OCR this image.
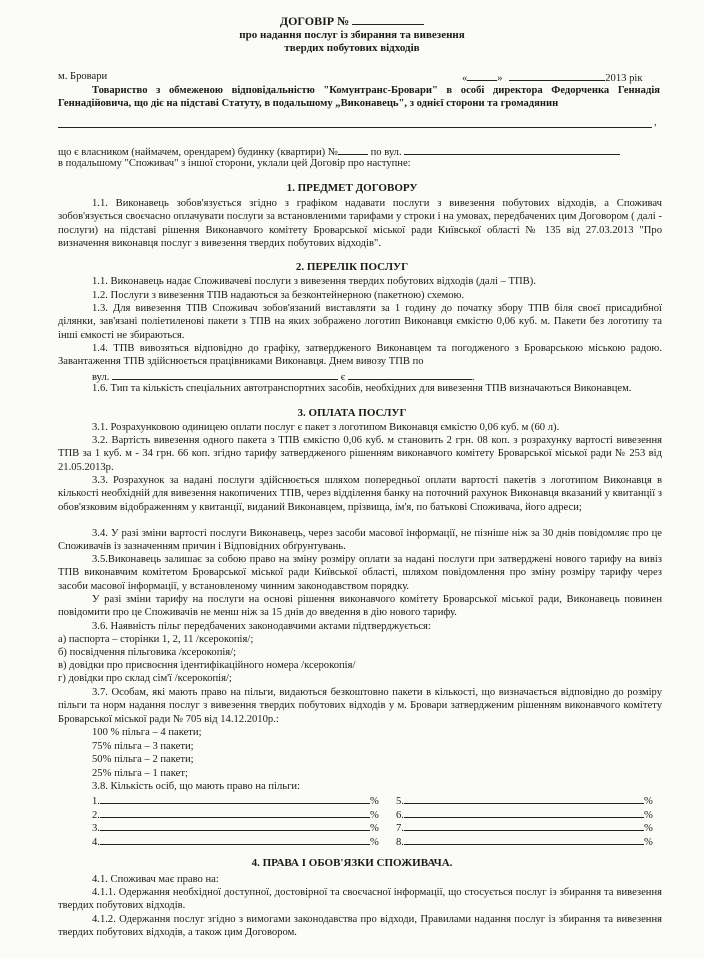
ДОГОВІР №
про надання послуг із збирання та вивезення
твердих побутових відходів
м. Бровари	«	»	2013 рік
Товариство з обмеженою відповідальністю "Комунтранс-Бровари" в особі директора Федорченка Геннадія Геннадійовича, що діє на підставі Статуту, в подальшому „Виконавець", з однієї сторони та громадянин
,
що є власником (наймачем, орендарем) будинку (квартири) №	по вул.
в подальшому "Споживач" з іншої сторони, уклали цей Договір про наступне:
1. ПРЕДМЕТ ДОГОВОРУ
1.1. Виконавець зобов'язується згідно з графіком надавати послуги з вивезення побутових відходів, а Споживач зобов'язується своєчасно оплачувати послуги за встановленими тарифами у строки і на умовах, передбачених цим Договором ( далі - послуги) на підставі рішення Виконавчого комітету Броварської міської ради Київської області № 135 від 27.03.2013 "Про визначення виконавця послуг з вивезення твердих побутових відходів".
2. ПЕРЕЛІК ПОСЛУГ
1.1. Виконавець надає Споживачеві послуги з вивезення твердих побутових відходів (далі – ТПВ).
1.2. Послуги з вивезення ТПВ надаються за безконтейнерною (пакетною) схемою.
1.3. Для вивезення ТПВ Споживач зобов'язаний виставляти за 1 годину до початку збору ТПВ біля своєї присадибної ділянки, зав'язані поліетиленові пакети з ТПВ на яких зображено логотип Виконавця ємкістю 0,06 куб. м. Пакети без логотипу та інші ємкості не збираються.
1.4. ТПВ вивозяться відповідно до графіку, затвердженого Виконавцем та погодженого з Броварською міською радою. Завантаження ТПВ здійснюється працівниками Виконавця. Днем вивозу ТПВ по
вул.	є	.
1.6. Тип та кількість спеціальних автотранспортних засобів, необхідних для вивезення ТПВ визначаються Виконавцем.
3. ОПЛАТА ПОСЛУГ
3.1. Розрахунковою одиницею оплати послуг є пакет з логотипом Виконавця ємкістю 0,06 куб. м (60 л).
3.2. Вартість вивезення одного пакета з ТПВ ємкістю 0,06 куб. м становить 2 грн. 08 коп. з розрахунку вартості вивезення ТПВ за 1 куб. м - 34 грн. 66 коп. згідно тарифу затвердженого рішенням виконавчого комітету Броварської міської ради № 253 від 21.05.2013р.
3.3. Розрахунок за надані послуги здійснюється шляхом попередньої оплати вартості пакетів з логотипом Виконавця в кількості необхідній для вивезення накопичених ТПВ, через відділення банку на поточний рахунок Виконавця вказаний у квитанції з обов'язковим відображенням у квитанції, виданий Виконавцем, прізвища, ім'я, по батькові Споживача, його адреси;
3.4. У разі зміни вартості послуги Виконавець, через засоби масової інформації, не пізніше ніж за 30 днів повідомляє про це Споживачів із зазначенням причин і Відповідних обґрунтувань.
3.5.Виконавець залишає за собою право на зміну розміру оплати за надані послуги при затверджені нового тарифу на вивіз ТПВ виконавчим комітетом Броварської міської ради Київської області, шляхом повідомлення про зміну розміру тарифу через засоби масової інформації, у встановленому чинним законодавством порядку.
У разі зміни тарифу на послуги на основі рішення виконавчого комітету Броварської міської ради, Виконавець повинен повідомити про це Споживачів не менш ніж за 15 днів до введення в дію нового тарифу.
3.6. Наявність пільг передбачених законодавчими актами підтверджується:
а) паспорта – сторінки 1, 2, 11 /ксерокопія/;
б) посвідчення пільговика /ксерокопія/;
в) довідки про присвоєння ідентифікаційного номера /ксерокопія/
г) довідки про склад сім'ї /ксерокопія/;
3.7. Особам, які мають право на пільги, видаються безкоштовно пакети в кількості, що визначається відповідно до розміру пільги та норм надання послуг з вивезення твердих побутових відходів у м. Бровари затвердженим рішенням виконавчого комітету Броварської міської ради № 705 від 14.12.2010р.:
100 % пільга – 4 пакети;
75% пільга – 3 пакети;
50% пільга – 2 пакети;
25% пільга – 1 пакет;
3.8. Кількість осіб, що мають право на пільги:
1.	%
2.	%
3.	%
4.	%
5.	%
6.	%
7.	%
8.	%
4. ПРАВА І ОБОВ'ЯЗКИ СПОЖИВАЧА.
4.1. Споживач має право на:
4.1.1. Одержання необхідної доступної, достовірної та своєчасної інформації, що стосується послуг із збирання та вивезення твердих побутових відходів.
4.1.2. Одержання послуг згідно з вимогами законодавства про відходи, Правилами надання послуг із збирання та вивезення твердих побутових відходів, а також цим Договором.
